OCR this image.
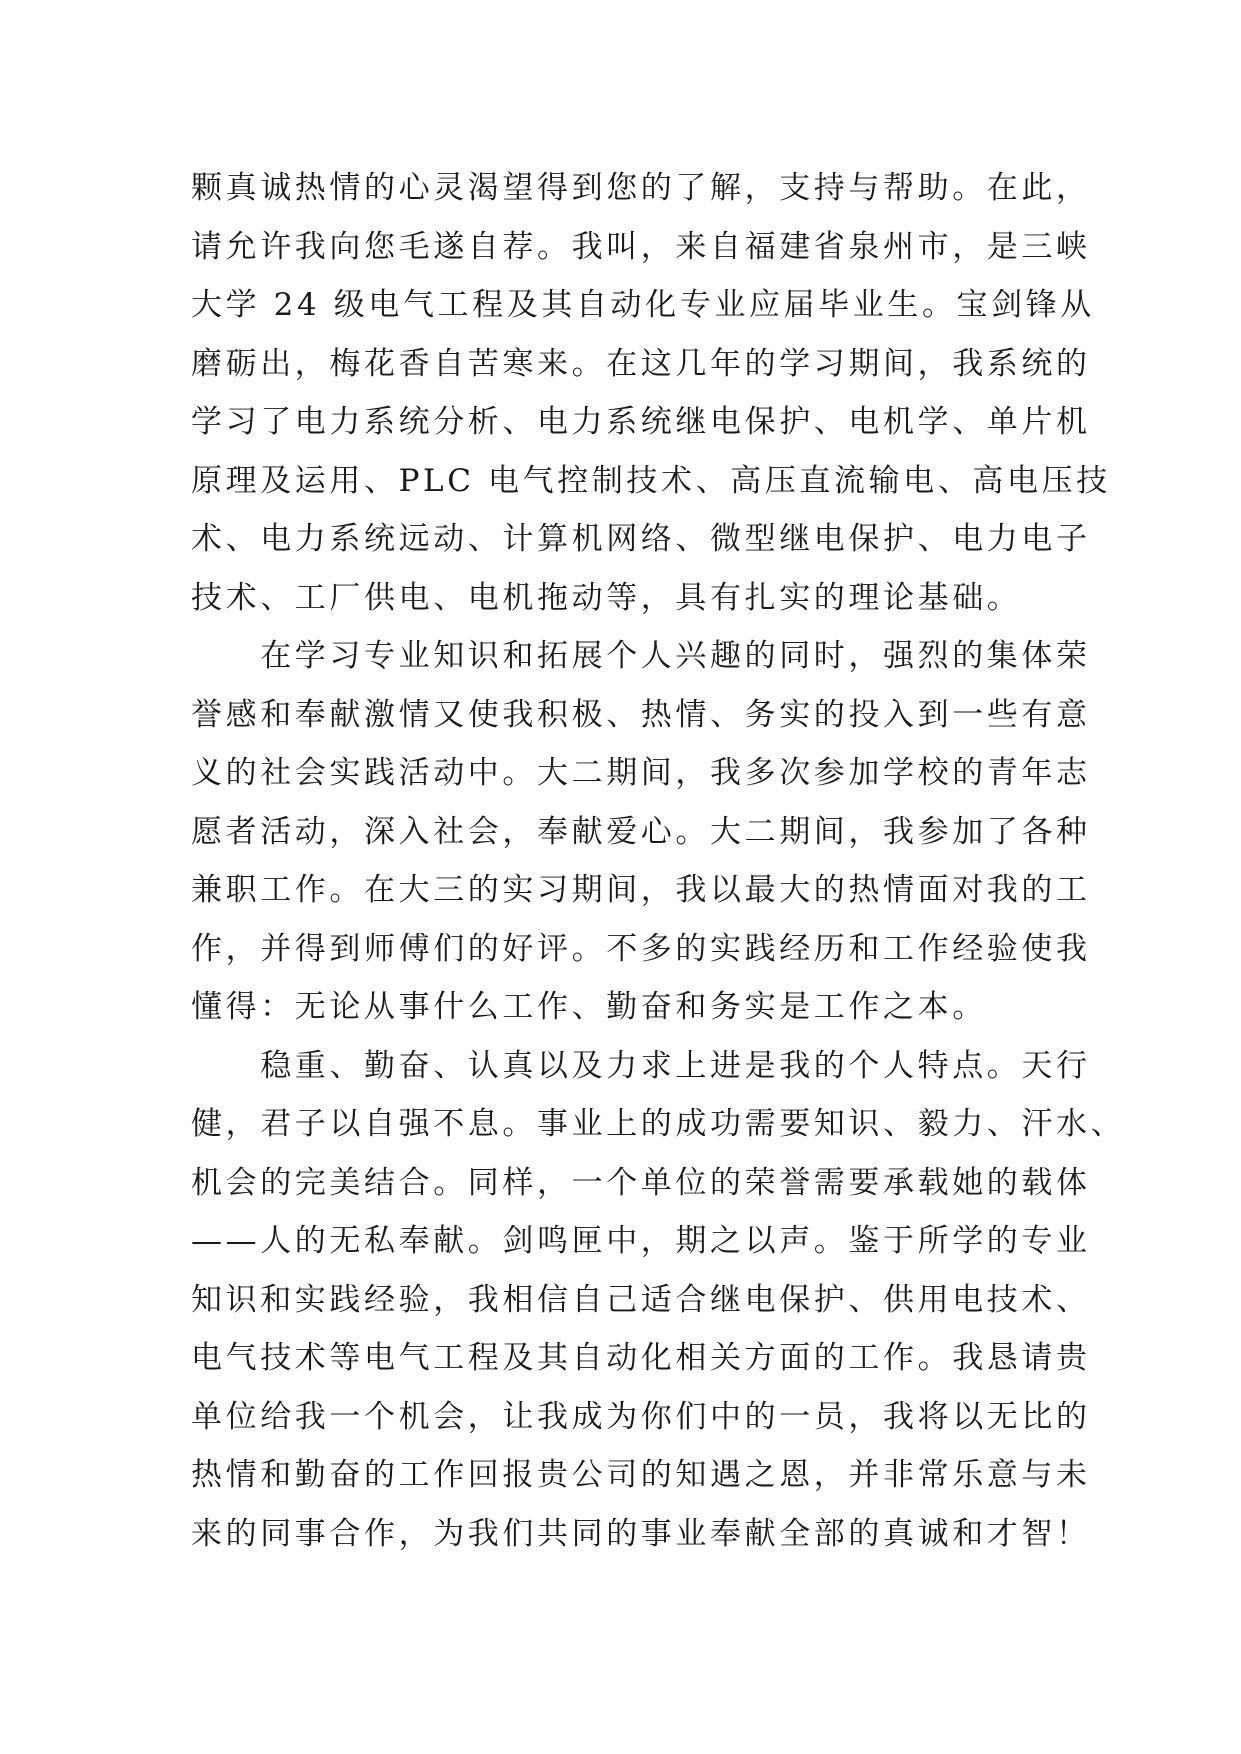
颗真诚热情的心灵渴望得到您的了解，支持与帮助。在此，
请允许我向您毛遂自荐。我叫，来自福建省泉州市，是三峡
大学 24 级电气工程及其自动化专业应届毕业生。宝剑锋从
磨砺出，梅花香自苦寒来。在这几年的学习期间，我系统的
学习了电力系统分析、电力系统继电保护、电机学、单片机
原理及运用、PLC 电气控制技术、高压直流输电、高电压技
术、电力系统远动、计算机网络、微型继电保护、电力电子
技术、工厂供电、电机拖动等，具有扎实的理论基础。
　　在学习专业知识和拓展个人兴趣的同时，强烈的集体荣
誉感和奉献激情又使我积极、热情、务实的投入到一些有意
义的社会实践活动中。大二期间，我多次参加学校的青年志
愿者活动，深入社会，奉献爱心。大二期间，我参加了各种
兼职工作。在大三的实习期间，我以最大的热情面对我的工
作，并得到师傅们的好评。不多的实践经历和工作经验使我
懂得：无论从事什么工作、勤奋和务实是工作之本。
　　稳重、勤奋、认真以及力求上进是我的个人特点。天行
健，君子以自强不息。事业上的成功需要知识、毅力、汗水、
机会的完美结合。同样，一个单位的荣誉需要承载她的载体
——人的无私奉献。剑鸣匣中，期之以声。鉴于所学的专业
知识和实践经验，我相信自己适合继电保护、供用电技术、
电气技术等电气工程及其自动化相关方面的工作。我恳请贵
单位给我一个机会，让我成为你们中的一员，我将以无比的
热情和勤奋的工作回报贵公司的知遇之恩，并非常乐意与未
来的同事合作，为我们共同的事业奉献全部的真诚和才智！
